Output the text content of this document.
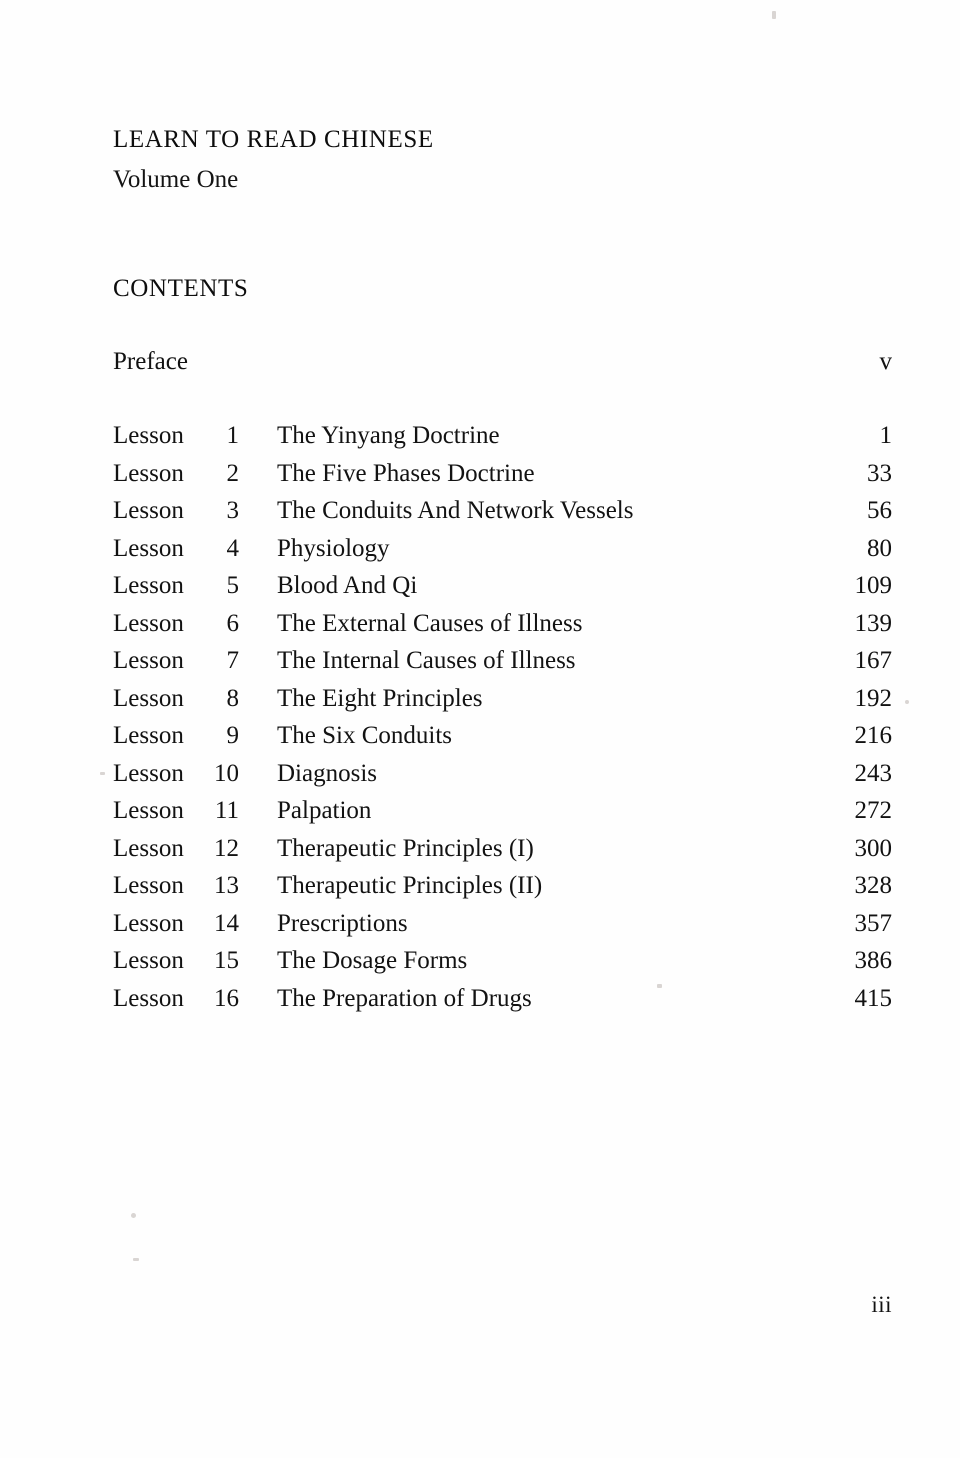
LEARN TO READ CHINESE
Volume One
CONTENTS
Preface	v
Lesson 1	The Yinyang Doctrine	1
Lesson 2	The Five Phases Doctrine	33
Lesson 3	The Conduits And Network Vessels	56
Lesson 4	Physiology	80
Lesson 5	Blood And Qi	109
Lesson 6	The External Causes of Illness	139
Lesson 7	The Internal Causes of Illness	167
Lesson 8	The Eight Principles	192
Lesson 9	The Six Conduits	216
Lesson 10	Diagnosis	243
Lesson 11	Palpation	272
Lesson 12	Therapeutic Principles (I)	300
Lesson 13	Therapeutic Principles (II)	328
Lesson 14	Prescriptions	357
Lesson 15	The Dosage Forms	386
Lesson 16	The Preparation of Drugs	415
iii
